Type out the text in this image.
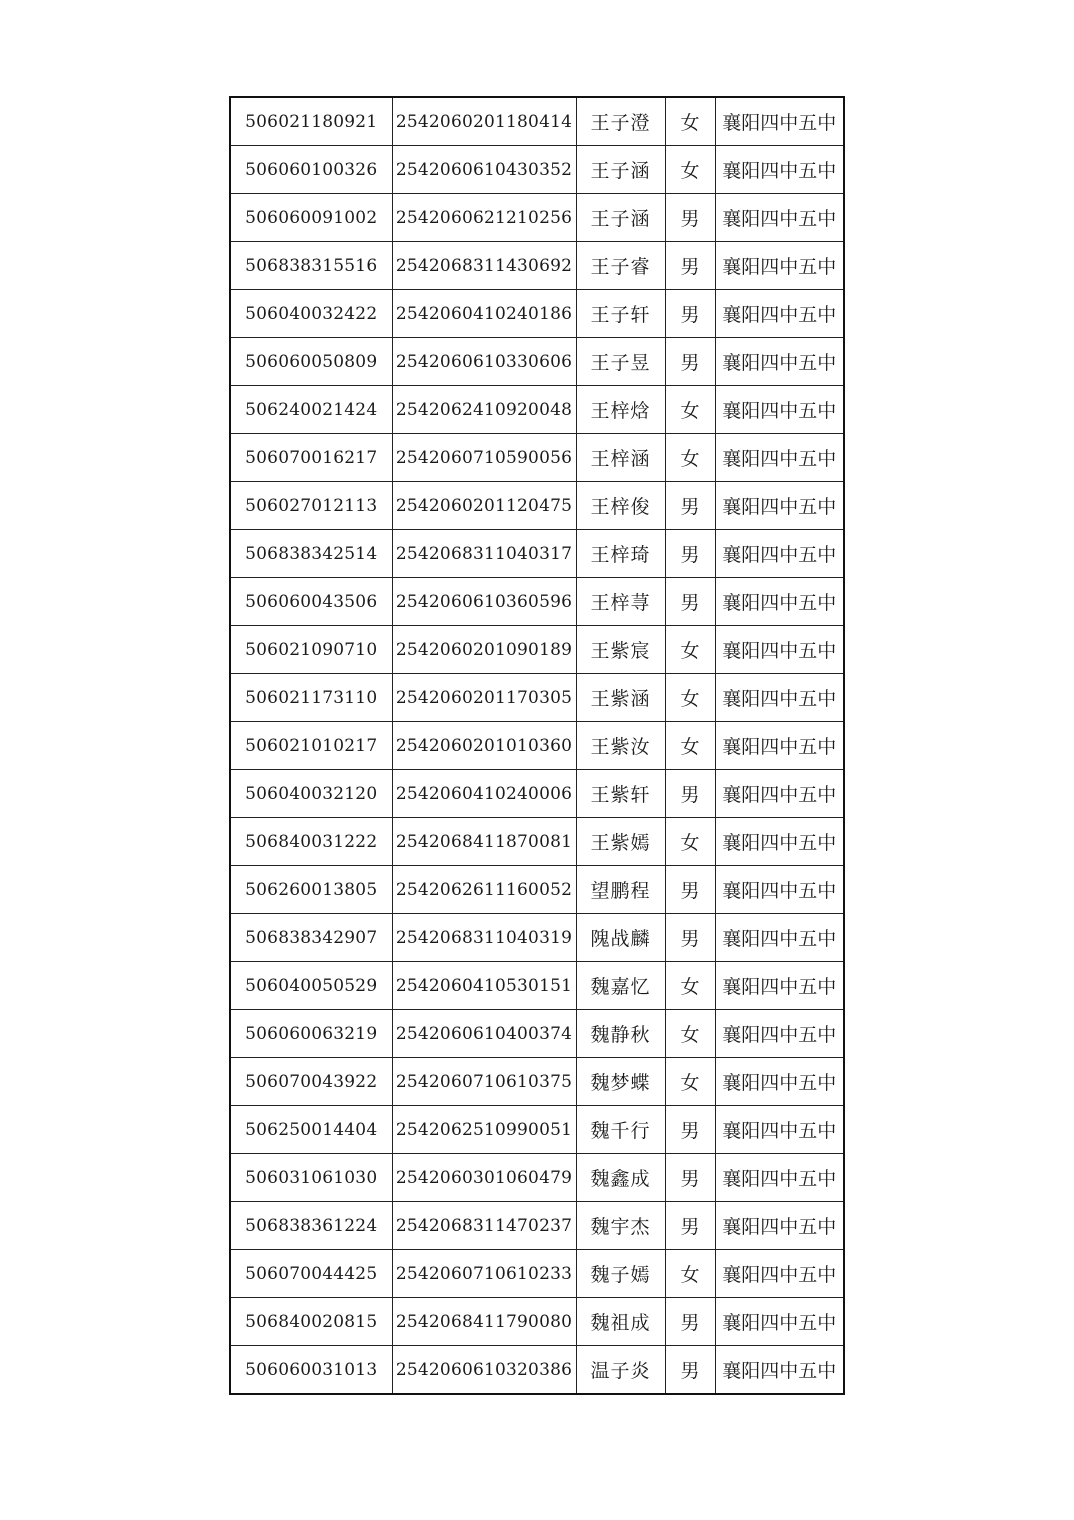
506021180921	2542060201180414	王子澄	女	襄阳四中五中
506060100326	2542060610430352	王子涵	女	襄阳四中五中
506060091002	2542060621210256	王子涵	男	襄阳四中五中
506838315516	2542068311430692	王子睿	男	襄阳四中五中
506040032422	2542060410240186	王子轩	男	襄阳四中五中
506060050809	2542060610330606	王子昱	男	襄阳四中五中
506240021424	2542062410920048	王梓焓	女	襄阳四中五中
506070016217	2542060710590056	王梓涵	女	襄阳四中五中
506027012113	2542060201120475	王梓俊	男	襄阳四中五中
506838342514	2542068311040317	王梓琦	男	襄阳四中五中
506060043506	2542060610360596	王梓荨	男	襄阳四中五中
506021090710	2542060201090189	王紫宸	女	襄阳四中五中
506021173110	2542060201170305	王紫涵	女	襄阳四中五中
506021010217	2542060201010360	王紫汝	女	襄阳四中五中
506040032120	2542060410240006	王紫轩	男	襄阳四中五中
506840031222	2542068411870081	王紫嫣	女	襄阳四中五中
506260013805	2542062611160052	望鹏程	男	襄阳四中五中
506838342907	2542068311040319	隗战麟	男	襄阳四中五中
506040050529	2542060410530151	魏嘉忆	女	襄阳四中五中
506060063219	2542060610400374	魏静秋	女	襄阳四中五中
506070043922	2542060710610375	魏梦蝶	女	襄阳四中五中
506250014404	2542062510990051	魏千行	男	襄阳四中五中
506031061030	2542060301060479	魏鑫成	男	襄阳四中五中
506838361224	2542068311470237	魏宇杰	男	襄阳四中五中
506070044425	2542060710610233	魏子嫣	女	襄阳四中五中
506840020815	2542068411790080	魏祖成	男	襄阳四中五中
506060031013	2542060610320386	温子炎	男	襄阳四中五中
